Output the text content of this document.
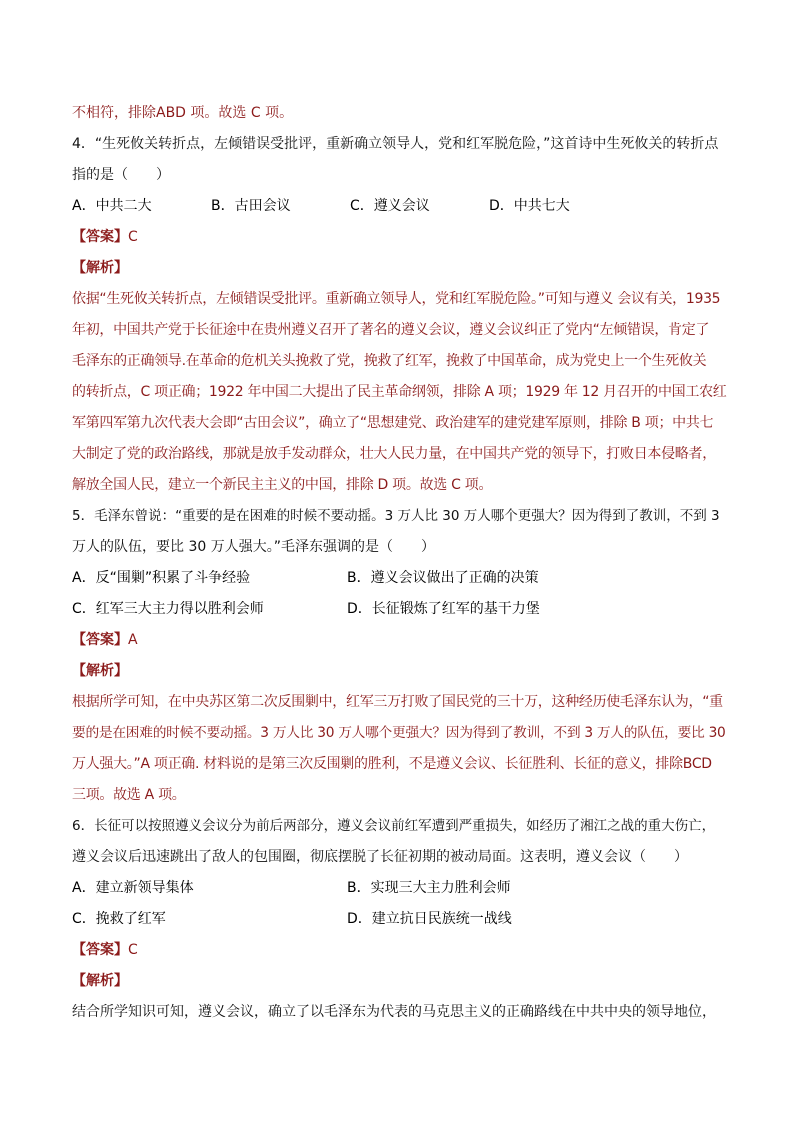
不相符，排除ABD 项。故选 C 项。
4．“生死攸关转折点，左倾错误受批评，重新确立领导人，党和红军脱危险，”这首诗中生死攸关的转折点
指的是（　　）
A．中共二大	B．古田会议	C．遵义会议	D．中共七大
【答案】C
【解析】
依据“生死攸关转折点，左倾错误受批评。重新确立领导人，党和红军脱危险。”可知与遵义 会议有关，1935
年初，中国共产党于长征途中在贵州遵义召开了著名的遵义会议，遵义会议纠正了党内“左倾错误，肯定了
毛泽东的正确领导.在革命的危机关头挽救了党，挽救了红军，挽救了中国革命，成为党史上一个生死攸关
的转折点，C 项正确；1922 年中国二大提出了民主革命纲领，排除 A 项；1929 年 12 月召开的中国工农红
军第四军第九次代表大会即“古田会议”，确立了“思想建党、政治建军的建党建军原则，排除 B 项；中共七
大制定了党的政治路线，那就是放手发动群众，壮大人民力量，在中国共产党的领导下，打败日本侵略者，
解放全国人民，建立一个新民主主义的中国，排除 D 项。故选 C 项。
5．毛泽东曾说：“重要的是在困难的时候不要动摇。3 万人比 30 万人哪个更强大？因为得到了教训，不到 3
万人的队伍，要比 30 万人强大。”毛泽东强调的是（　　）
A．反“围剿”积累了斗争经验	B．遵义会议做出了正确的决策
C．红军三大主力得以胜利会师	D．长征锻炼了红军的基干力堡
【答案】A
【解析】
根据所学可知，在中央苏区第二次反围剿中，红军三万打败了国民党的三十万，这种经历使毛泽东认为，“重
要的是在困难的时候不要动摇。3 万人比 30 万人哪个更强大？因为得到了教训，不到 3 万人的队伍，要比 30
万人强大。”A 项正确. 材料说的是第三次反围剿的胜利，不是遵义会议、长征胜利、长征的意义，排除BCD
三项。故选 A 项。
6．长征可以按照遵义会议分为前后两部分，遵义会议前红军遭到严重损失，如经历了湘江之战的重大伤亡，
遵义会议后迅速跳出了敌人的包围圈，彻底摆脱了长征初期的被动局面。这表明，遵义会议（　　）
A．建立新领导集体	B．实现三大主力胜利会师
C．挽救了红军	D．建立抗日民族统一战线
【答案】C
【解析】
结合所学知识可知，遵义会议，确立了以毛泽东为代表的马克思主义的正确路线在中共中央的领导地位，
